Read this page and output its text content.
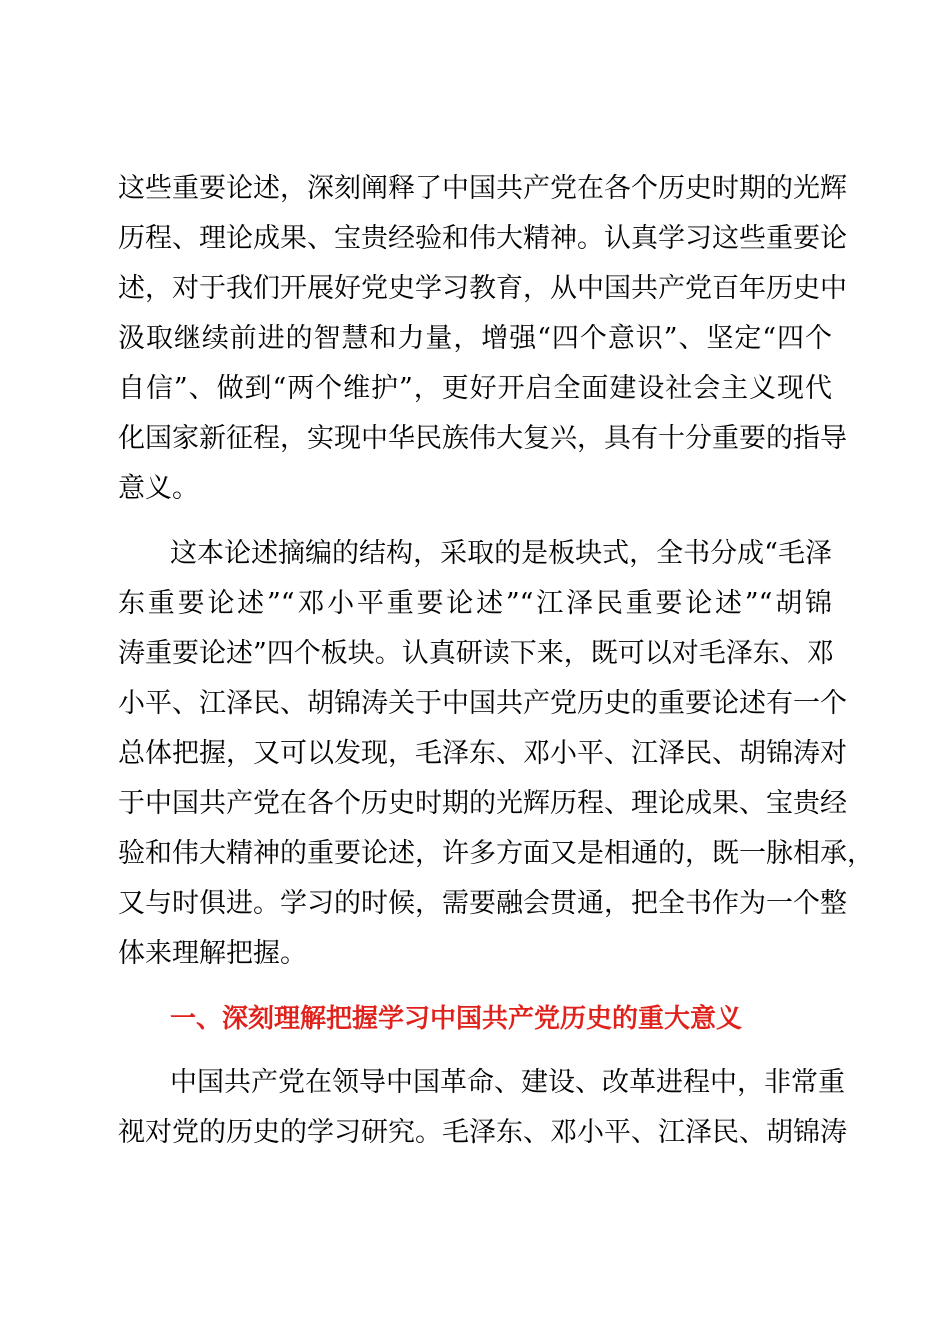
这些重要论述，深刻阐释了中国共产党在各个历史时期的光辉
历程、理论成果、宝贵经验和伟大精神。认真学习这些重要论
述，对于我们开展好党史学习教育，从中国共产党百年历史中
汲取继续前进的智慧和力量，增强“四个意识”、坚定“四个
自信”、做到“两个维护”，更好开启全面建设社会主义现代
化国家新征程，实现中华民族伟大复兴，具有十分重要的指导
意义。
这本论述摘编的结构，采取的是板块式，全书分成“毛泽
东重要论述”“邓小平重要论述”“江泽民重要论述”“胡锦
涛重要论述”四个板块。认真研读下来，既可以对毛泽东、邓
小平、江泽民、胡锦涛关于中国共产党历史的重要论述有一个
总体把握，又可以发现，毛泽东、邓小平、江泽民、胡锦涛对
于中国共产党在各个历史时期的光辉历程、理论成果、宝贵经
验和伟大精神的重要论述，许多方面又是相通的，既一脉相承，
又与时俱进。学习的时候，需要融会贯通，把全书作为一个整
体来理解把握。
一、深刻理解把握学习中国共产党历史的重大意义
中国共产党在领导中国革命、建设、改革进程中，非常重
视对党的历史的学习研究。毛泽东、邓小平、江泽民、胡锦涛
